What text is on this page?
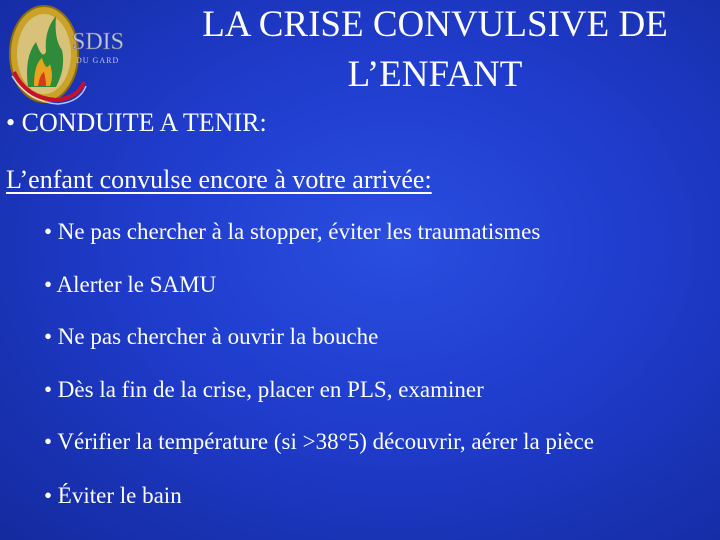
SDIS
DU GARD
LA CRISE CONVULSIVE DE
L’ENFANT
• CONDUITE A TENIR:
L’enfant convulse encore à votre arrivée:
• Ne pas chercher à la stopper, éviter les traumatismes
• Alerter le SAMU
• Ne pas chercher à ouvrir la bouche
• Dès la fin de la crise, placer en PLS, examiner
• Vérifier la température (si >38°5) découvrir, aérer la pièce
• Éviter le bain
